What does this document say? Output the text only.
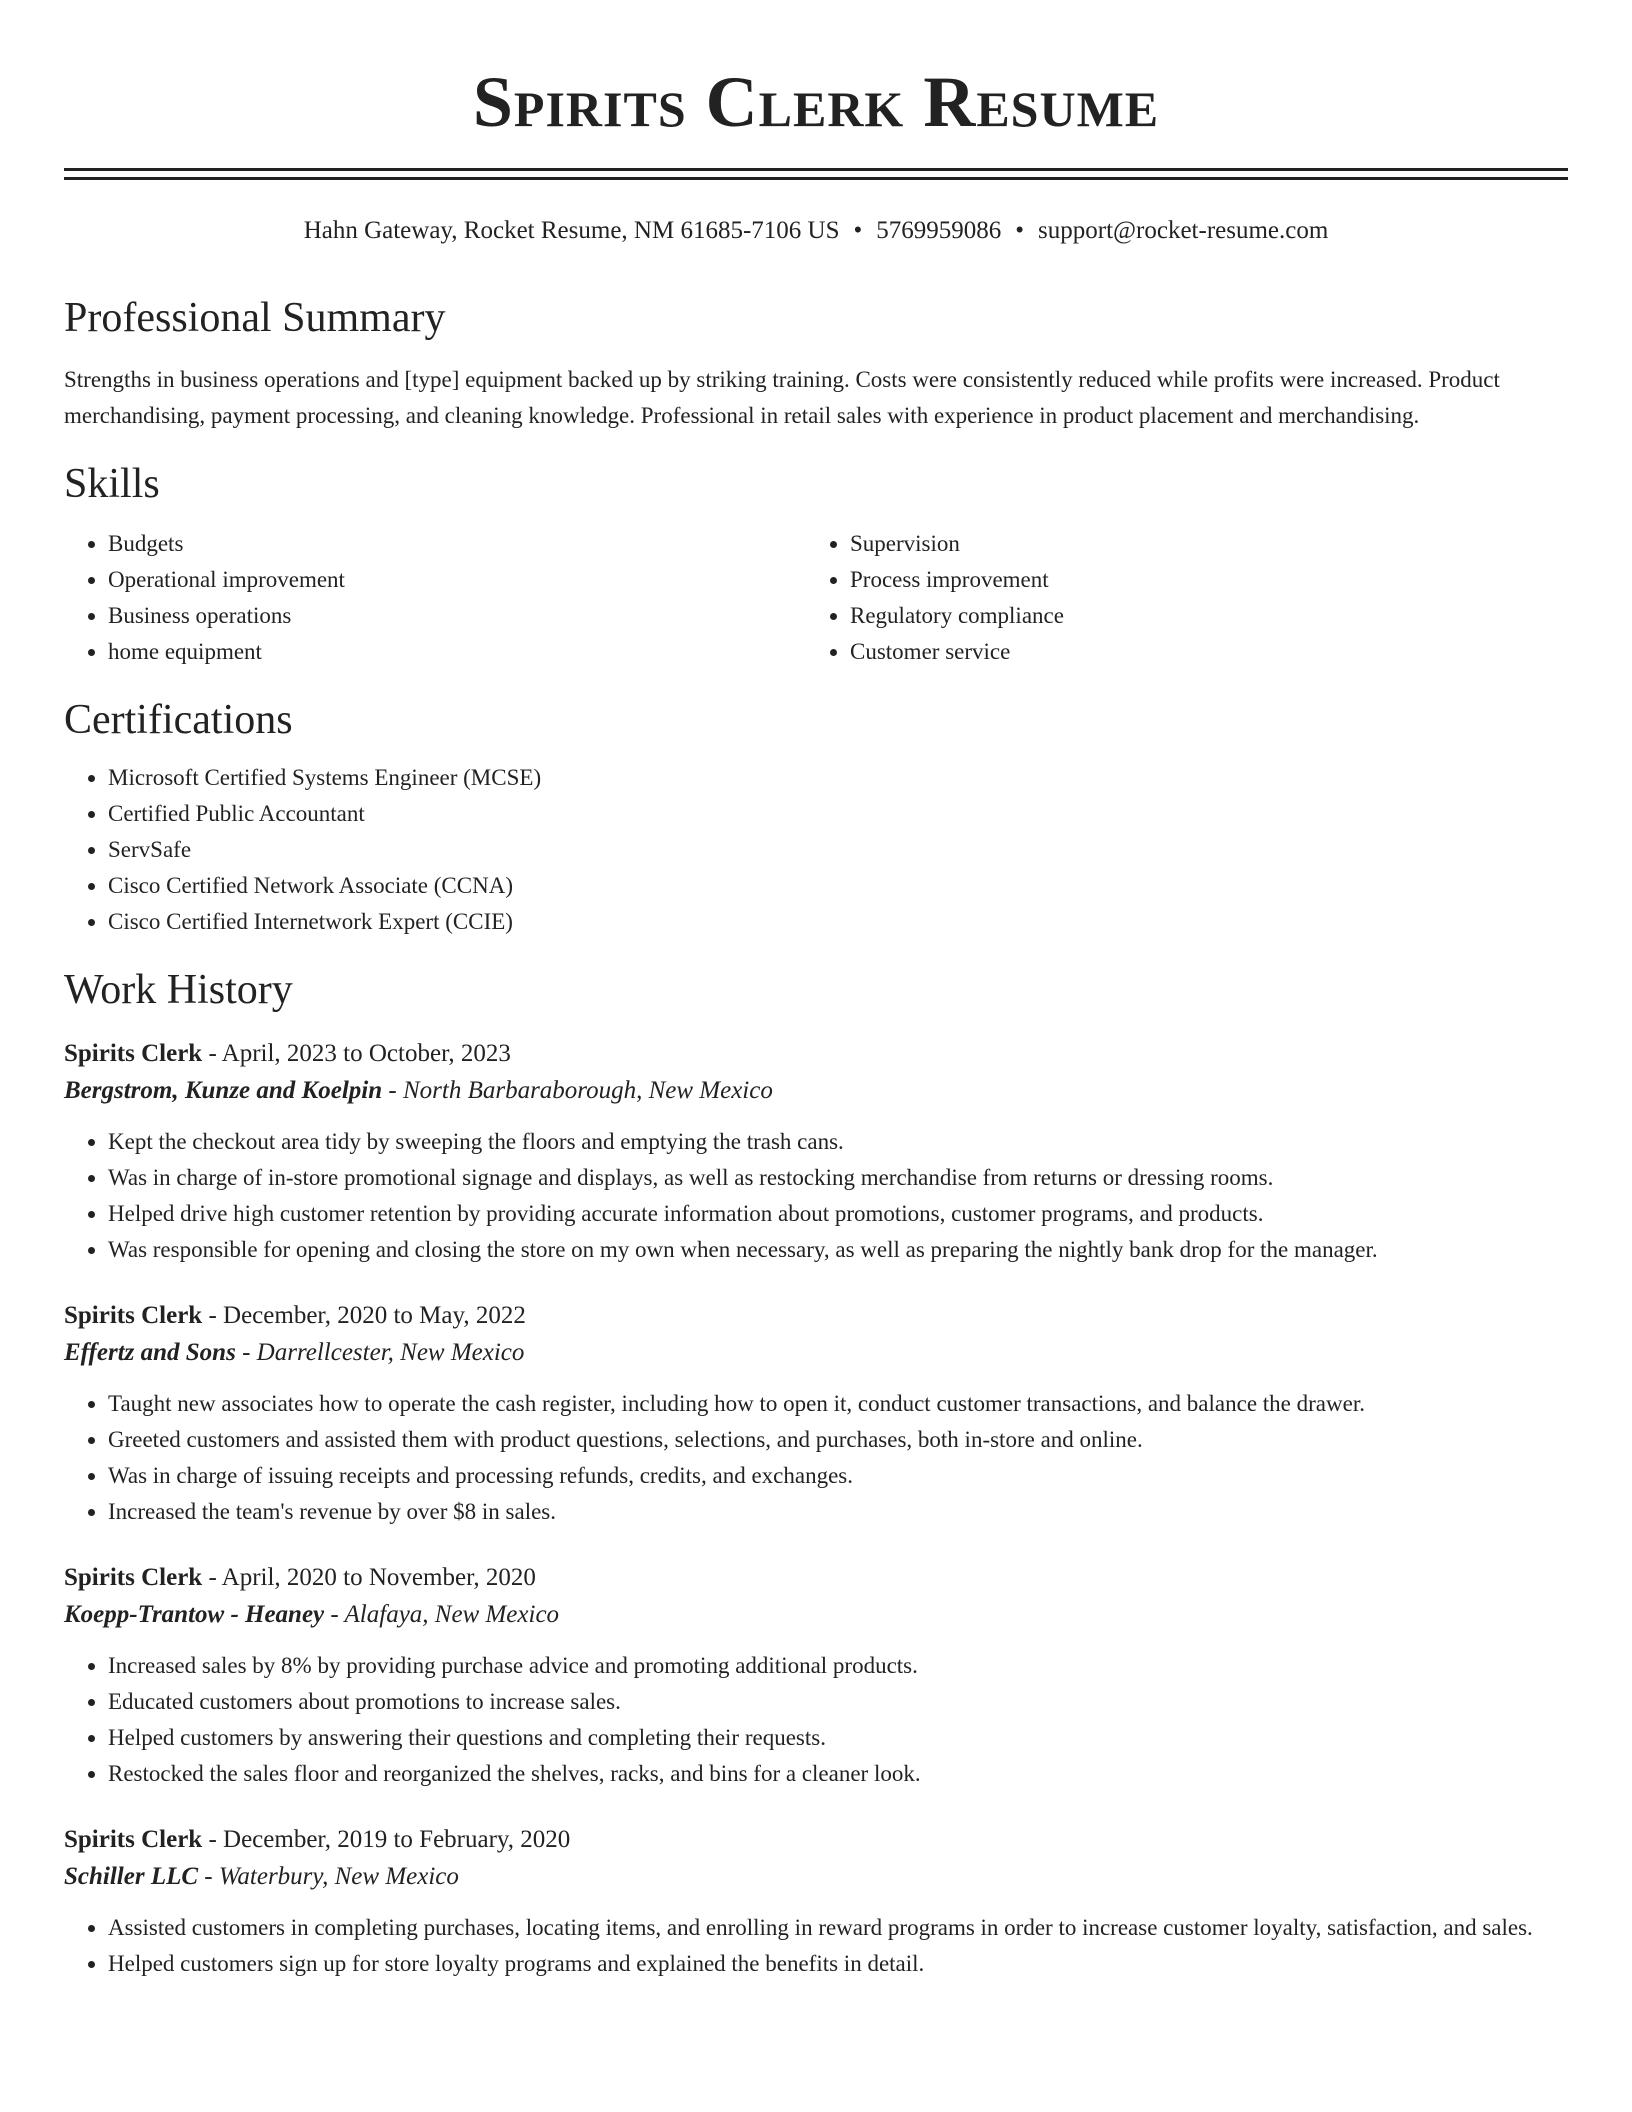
Spirits Clerk Resume
Hahn Gateway, Rocket Resume, NM 61685-7106 US • 5769959086 • support@rocket-resume.com
Professional Summary
Strengths in business operations and [type] equipment backed up by striking training. Costs were consistently reduced while profits were increased. Product merchandising, payment processing, and cleaning knowledge. Professional in retail sales with experience in product placement and merchandising.
Skills
• Budgets
• Operational improvement
• Business operations
• home equipment
• Supervision
• Process improvement
• Regulatory compliance
• Customer service
Certifications
• Microsoft Certified Systems Engineer (MCSE)
• Certified Public Accountant
• ServSafe
• Cisco Certified Network Associate (CCNA)
• Cisco Certified Internetwork Expert (CCIE)
Work History
Spirits Clerk - April, 2023 to October, 2023
Bergstrom, Kunze and Koelpin - North Barbaraborough, New Mexico
• Kept the checkout area tidy by sweeping the floors and emptying the trash cans.
• Was in charge of in-store promotional signage and displays, as well as restocking merchandise from returns or dressing rooms.
• Helped drive high customer retention by providing accurate information about promotions, customer programs, and products.
• Was responsible for opening and closing the store on my own when necessary, as well as preparing the nightly bank drop for the manager.
Spirits Clerk - December, 2020 to May, 2022
Effertz and Sons - Darrellcester, New Mexico
• Taught new associates how to operate the cash register, including how to open it, conduct customer transactions, and balance the drawer.
• Greeted customers and assisted them with product questions, selections, and purchases, both in-store and online.
• Was in charge of issuing receipts and processing refunds, credits, and exchanges.
• Increased the team's revenue by over $8 in sales.
Spirits Clerk - April, 2020 to November, 2020
Koepp-Trantow - Heaney - Alafaya, New Mexico
• Increased sales by 8% by providing purchase advice and promoting additional products.
• Educated customers about promotions to increase sales.
• Helped customers by answering their questions and completing their requests.
• Restocked the sales floor and reorganized the shelves, racks, and bins for a cleaner look.
Spirits Clerk - December, 2019 to February, 2020
Schiller LLC - Waterbury, New Mexico
• Assisted customers in completing purchases, locating items, and enrolling in reward programs in order to increase customer loyalty, satisfaction, and sales.
• Helped customers sign up for store loyalty programs and explained the benefits in detail.
